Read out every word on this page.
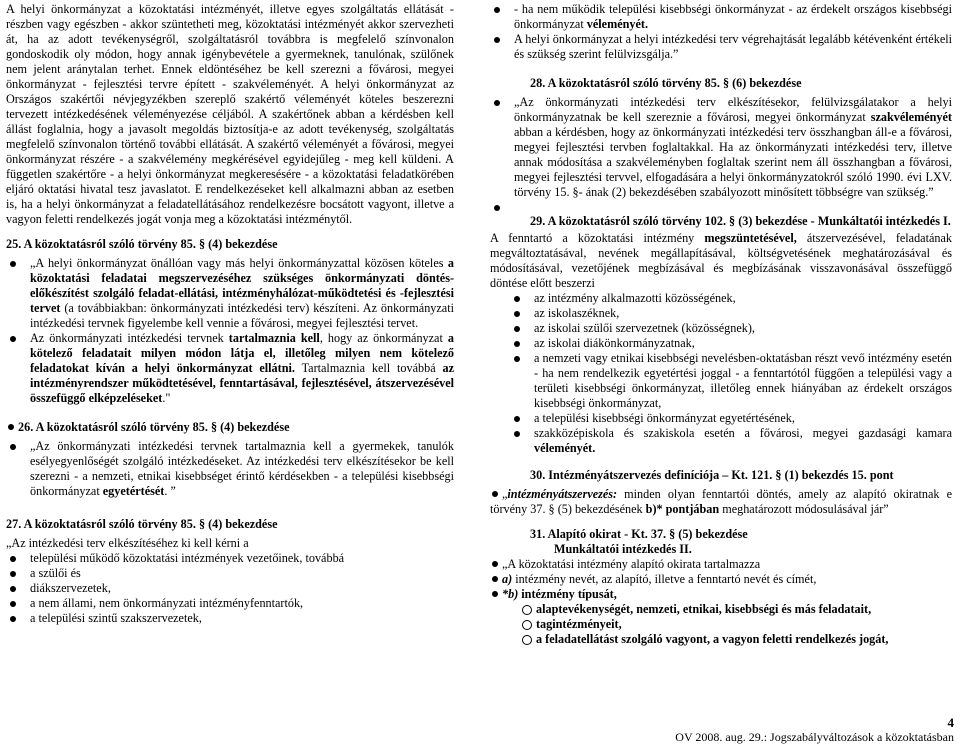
A helyi önkormányzat a közoktatási intézményét, illetve egyes szolgáltatás ellátását - részben vagy egészben - akkor szüntetheti meg, közoktatási intézményét akkor szervezheti át, ha az adott tevékenységről, szolgáltatásról továbbra is megfelelő színvonalon gondoskodik oly módon, hogy annak igénybevétele a gyermeknek, tanulónak, szülőnek nem jelent aránytalan terhet. Ennek eldöntéséhez be kell szerezni a fővárosi, megyei önkormányzat - fejlesztési tervre épített - szakvéleményét. A helyi önkormányzat az Országos szakértői névjegyzékben szereplő szakértő véleményét köteles beszerezni tervezett intézkedésének véleményezése céljából. A szakértőnek abban a kérdésben kell állást foglalnia, hogy a javasolt megoldás biztosítja-e az adott tevékenység, szolgáltatás megfelelő színvonalon történő további ellátását. A szakértő véleményét a fővárosi, megyei önkormányzat részére - a szakvélemény megkérésével egyidejűleg - meg kell küldeni. A független szakértőre - a helyi önkormányzat megkeresésére - a közoktatási feladatkörében eljáró oktatási hivatal tesz javaslatot. E rendelkezéseket kell alkalmazni abban az esetben is, ha a helyi önkormányzat a feladatellátásához rendelkezésre bocsátott vagyont, illetve a vagyon feletti rendelkezés jogát vonja meg a közoktatási intézménytől.

25. A közoktatásról szóló törvény 85. § (4) bekezdése

„A helyi önkormányzat önállóan vagy más helyi önkormányzattal közösen köteles a közoktatási feladatai megszervezéséhez szükséges önkormányzati döntés-előkészítést szolgáló feladat-ellátási, intézményhálózat-működtetési és -fejlesztési tervet (a továbbiakban: önkormányzati intézkedési terv) készíteni. Az önkormányzati intézkedési tervnek figyelembe kell vennie a fővárosi, megyei fejlesztési tervet.
Az önkormányzati intézkedési tervnek tartalmaznia kell, hogy az önkormányzat a kötelező feladatait milyen módon látja el, illetőleg milyen nem kötelező feladatokat kíván a helyi önkormányzat ellátni. Tartalmaznia kell továbbá az intézményrendszer működtetésével, fenntartásával, fejlesztésével, átszervezésével összefüggő elképzeléseket."

26. A közoktatásról szóló törvény 85. § (4) bekezdése

„Az önkormányzati intézkedési tervnek tartalmaznia kell a gyermekek, tanulók esélyegyenlőségét szolgáló intézkedéseket. Az intézkedési terv elkészítésekor be kell szerezni - a nemzeti, etnikai kisebbséget érintő kérdésekben - a települési kisebbségi önkormányzat egyetértését. ”

27. A közoktatásról szóló törvény 85. § (4) bekezdése

„Az intézkedési terv elkészítéséhez ki kell kérni a

települési működő közoktatási intézmények vezetőinek, továbbá
a szülői és
diákszervezetek,
a nem állami, nem önkormányzati intézményfenntartók,
a települési szintű szakszervezetek,
- ha nem működik települési kisebbségi önkormányzat - az érdekelt országos kisebbségi önkormányzat véleményét.
A helyi önkormányzat a helyi intézkedési terv végrehajtását legalább kétévenként értékeli és szükség szerint felülvizsgálja.”

28. A közoktatásról szóló törvény 85. § (6) bekezdése

„Az önkormányzati intézkedési terv elkészítésekor, felülvizsgálatakor a helyi önkormányzatnak be kell szereznie a fővárosi, megyei önkormányzat szakvéleményét abban a kérdésben, hogy az önkormányzati intézkedési terv összhangban áll-e a fővárosi, megyei fejlesztési tervben foglaltakkal. Ha az önkormányzati intézkedési terv, illetve annak módosítása a szakvéleményben foglaltak szerint nem áll összhangban a fővárosi, megyei fejlesztési tervvel, elfogadására a helyi önkormányzatokról szóló 1990. évi LXV. törvény 15. §- ának (2) bekezdésében szabályozott minősített többségre van szükség.”

29. A közoktatásról szóló törvény 102. § (3) bekezdése - Munkáltatói intézkedés I.

A fenntartó a közoktatási intézmény megszüntetésével, átszervezésével, feladatának megváltoztatásával, nevének megállapításával, költségvetésének meghatározásával és módosításával, vezetőjének megbízásával és megbízásának visszavonásával összefüggő döntése előtt beszerzi

az intézmény alkalmazotti közösségének,
az iskolaszéknek,
az iskolai szülői szervezetnek (közösségnek),
az iskolai diákönkormányzatnak,
a nemzeti vagy etnikai kisebbségi nevelésben-oktatásban részt vevő intézmény esetén - ha nem rendelkezik egyetértési joggal - a fenntartótól függően a települési vagy a területi kisebbségi önkormányzat, illetőleg ennek hiányában az érdekelt országos kisebbségi önkormányzat,
a települési kisebbségi önkormányzat egyetértésének,
szakközépiskola és szakiskola esetén a fővárosi, megyei gazdasági kamara véleményét.

30. Intézményátszervezés definíciója – Kt. 121. § (1) bekezdés 15. pont

„intézményátszervezés: minden olyan fenntartói döntés, amely az alapító okiratnak e törvény 37. § (5) bekezdésének b)* pontjában meghatározott módosulásával jár”

31. Alapító okirat - Kt. 37. § (5) bekezdése

Munkáltatói intézkedés II.

„A közoktatási intézmény alapító okirata tartalmazza

a) intézmény nevét, az alapító, illetve a fenntartó nevét és címét,

*b) intézmény típusát,

alaptevékenységét, nemzeti, etnikai, kisebbségi és más feladatait,
tagintézményeit,
a feladatellátást szolgáló vagyont, a vagyon feletti rendelkezés jogát,
4
OV 2008. aug. 29.: Jogszabályváltozások a közoktatásban
